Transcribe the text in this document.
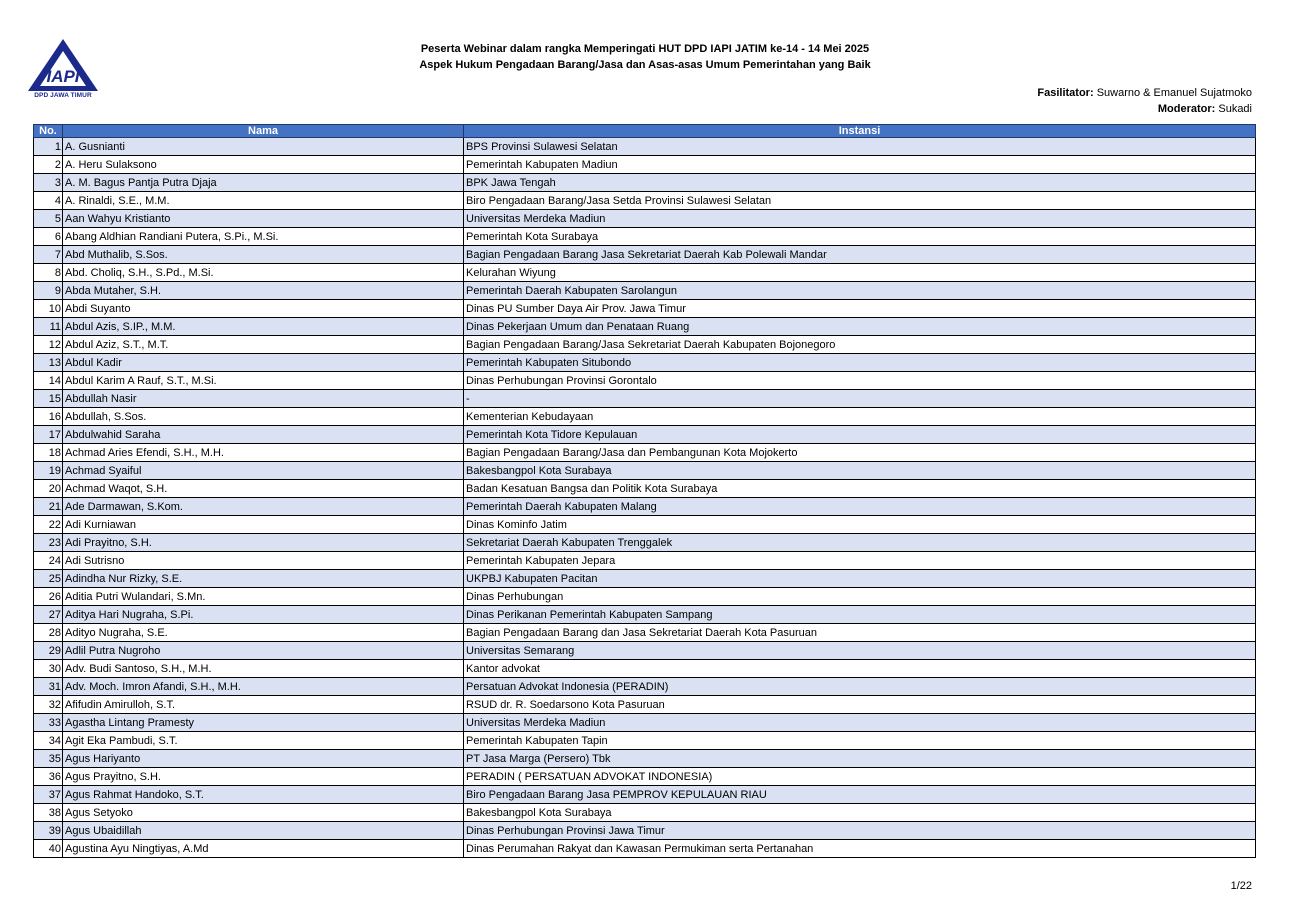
IAPI
DPD JAWA TIMUR
Peserta Webinar dalam rangka Memperingati HUT DPD IAPI JATIM ke-14 - 14 Mei 2025
Aspek Hukum Pengadaan Barang/Jasa dan Asas-asas Umum Pemerintahan yang Baik
Fasilitator: Suwarno & Emanuel Sujatmoko
Moderator: Sukadi
No.	Nama	Instansi
1	A. Gusnianti	BPS Provinsi Sulawesi Selatan
2	A. Heru Sulaksono	Pemerintah Kabupaten Madiun
3	A. M. Bagus Pantja Putra Djaja	BPK Jawa Tengah
4	A. Rinaldi, S.E., M.M.	Biro Pengadaan Barang/Jasa Setda Provinsi Sulawesi Selatan
5	Aan Wahyu Kristianto	Universitas Merdeka Madiun
6	Abang Aldhian Randiani Putera, S.Pi., M.Si.	Pemerintah Kota Surabaya
7	Abd Muthalib, S.Sos.	Bagian Pengadaan Barang Jasa Sekretariat Daerah Kab Polewali Mandar
8	Abd. Choliq, S.H., S.Pd., M.Si.	Kelurahan Wiyung
9	Abda Mutaher, S.H.	Pemerintah Daerah Kabupaten Sarolangun
10	Abdi Suyanto	Dinas PU Sumber Daya Air Prov. Jawa Timur
11	Abdul Azis, S.IP., M.M.	Dinas Pekerjaan Umum dan Penataan Ruang
12	Abdul Aziz, S.T., M.T.	Bagian Pengadaan Barang/Jasa Sekretariat Daerah Kabupaten Bojonegoro
13	Abdul Kadir	Pemerintah Kabupaten Situbondo
14	Abdul Karim A Rauf, S.T., M.Si.	Dinas Perhubungan Provinsi Gorontalo
15	Abdullah Nasir	-
16	Abdullah, S.Sos.	Kementerian Kebudayaan
17	Abdulwahid Saraha	Pemerintah Kota Tidore Kepulauan
18	Achmad Aries Efendi, S.H., M.H.	Bagian Pengadaan Barang/Jasa dan Pembangunan Kota Mojokerto
19	Achmad Syaiful	Bakesbangpol Kota Surabaya
20	Achmad Waqot, S.H.	Badan Kesatuan Bangsa dan Politik Kota Surabaya
21	Ade Darmawan, S.Kom.	Pemerintah Daerah Kabupaten Malang
22	Adi Kurniawan	Dinas Kominfo Jatim
23	Adi Prayitno, S.H.	Sekretariat Daerah Kabupaten Trenggalek
24	Adi Sutrisno	Pemerintah Kabupaten Jepara
25	Adindha Nur Rizky, S.E.	UKPBJ Kabupaten Pacitan
26	Aditia Putri Wulandari, S.Mn.	Dinas Perhubungan
27	Aditya Hari Nugraha, S.Pi.	Dinas Perikanan Pemerintah Kabupaten Sampang
28	Adityo Nugraha, S.E.	Bagian Pengadaan Barang dan Jasa Sekretariat Daerah Kota Pasuruan
29	Adlil Putra Nugroho	Universitas Semarang
30	Adv. Budi Santoso, S.H., M.H.	Kantor advokat
31	Adv. Moch. Imron Afandi, S.H., M.H.	Persatuan Advokat Indonesia (PERADIN)
32	Afifudin Amirulloh, S.T.	RSUD dr. R. Soedarsono Kota Pasuruan
33	Agastha Lintang Pramesty	Universitas Merdeka Madiun
34	Agit Eka Pambudi, S.T.	Pemerintah Kabupaten Tapin
35	Agus Hariyanto	PT Jasa Marga (Persero) Tbk
36	Agus Prayitno, S.H.	PERADIN ( PERSATUAN ADVOKAT INDONESIA)
37	Agus Rahmat Handoko, S.T.	Biro Pengadaan Barang Jasa PEMPROV KEPULAUAN RIAU
38	Agus Setyoko	Bakesbangpol Kota Surabaya
39	Agus Ubaidillah	Dinas Perhubungan Provinsi Jawa Timur
40	Agustina Ayu Ningtiyas, A.Md	Dinas Perumahan Rakyat dan Kawasan Permukiman serta Pertanahan
1/22
